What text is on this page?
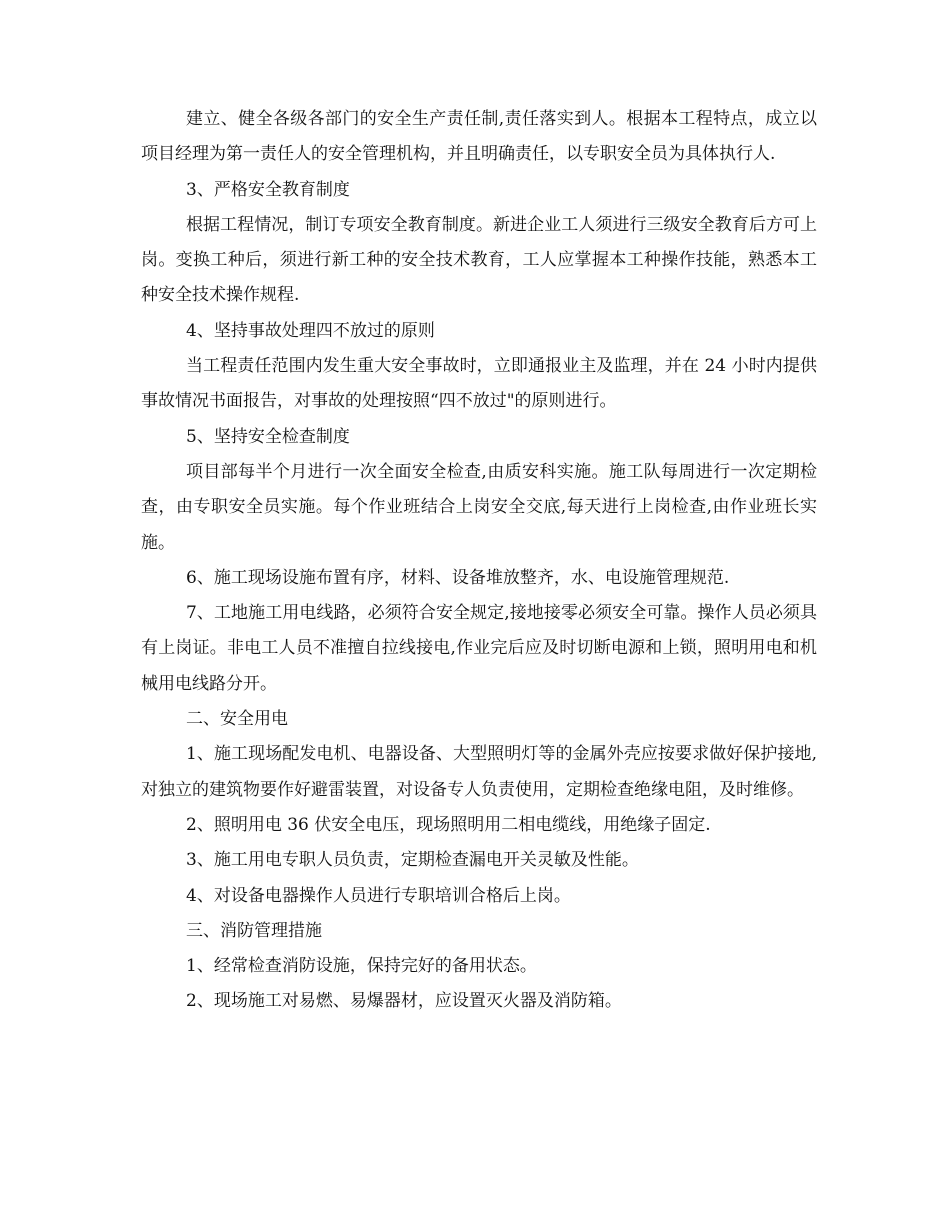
建立、健全各级各部门的安全生产责任制,责任落实到人。根据本工程特点，成立以项目经理为第一责任人的安全管理机构，并且明确责任，以专职安全员为具体执行人.

3、严格安全教育制度

根据工程情况，制订专项安全教育制度。新进企业工人须进行三级安全教育后方可上岗。变换工种后，须进行新工种的安全技术教育，工人应掌握本工种操作技能，熟悉本工种安全技术操作规程.

4、坚持事故处理四不放过的原则

当工程责任范围内发生重大安全事故时，立即通报业主及监理，并在 24 小时内提供事故情况书面报告，对事故的处理按照“四不放过"的原则进行。

5、坚持安全检查制度

项目部每半个月进行一次全面安全检查,由质安科实施。施工队每周进行一次定期检查，由专职安全员实施。每个作业班结合上岗安全交底,每天进行上岗检查,由作业班长实施。

6、施工现场设施布置有序，材料、设备堆放整齐，水、电设施管理规范.

7、工地施工用电线路，必须符合安全规定,接地接零必须安全可靠。操作人员必须具有上岗证。非电工人员不准擅自拉线接电,作业完后应及时切断电源和上锁，照明用电和机械用电线路分开。

二、安全用电

1、施工现场配发电机、电器设备、大型照明灯等的金属外壳应按要求做好保护接地,对独立的建筑物要作好避雷装置，对设备专人负责使用，定期检查绝缘电阻，及时维修。

2、照明用电 36 伏安全电压，现场照明用二相电缆线，用绝缘子固定.

3、施工用电专职人员负责，定期检查漏电开关灵敏及性能。

4、对设备电器操作人员进行专职培训合格后上岗。

三、消防管理措施

1、经常检查消防设施，保持完好的备用状态。

2、现场施工对易燃、易爆器材，应设置灭火器及消防箱。
